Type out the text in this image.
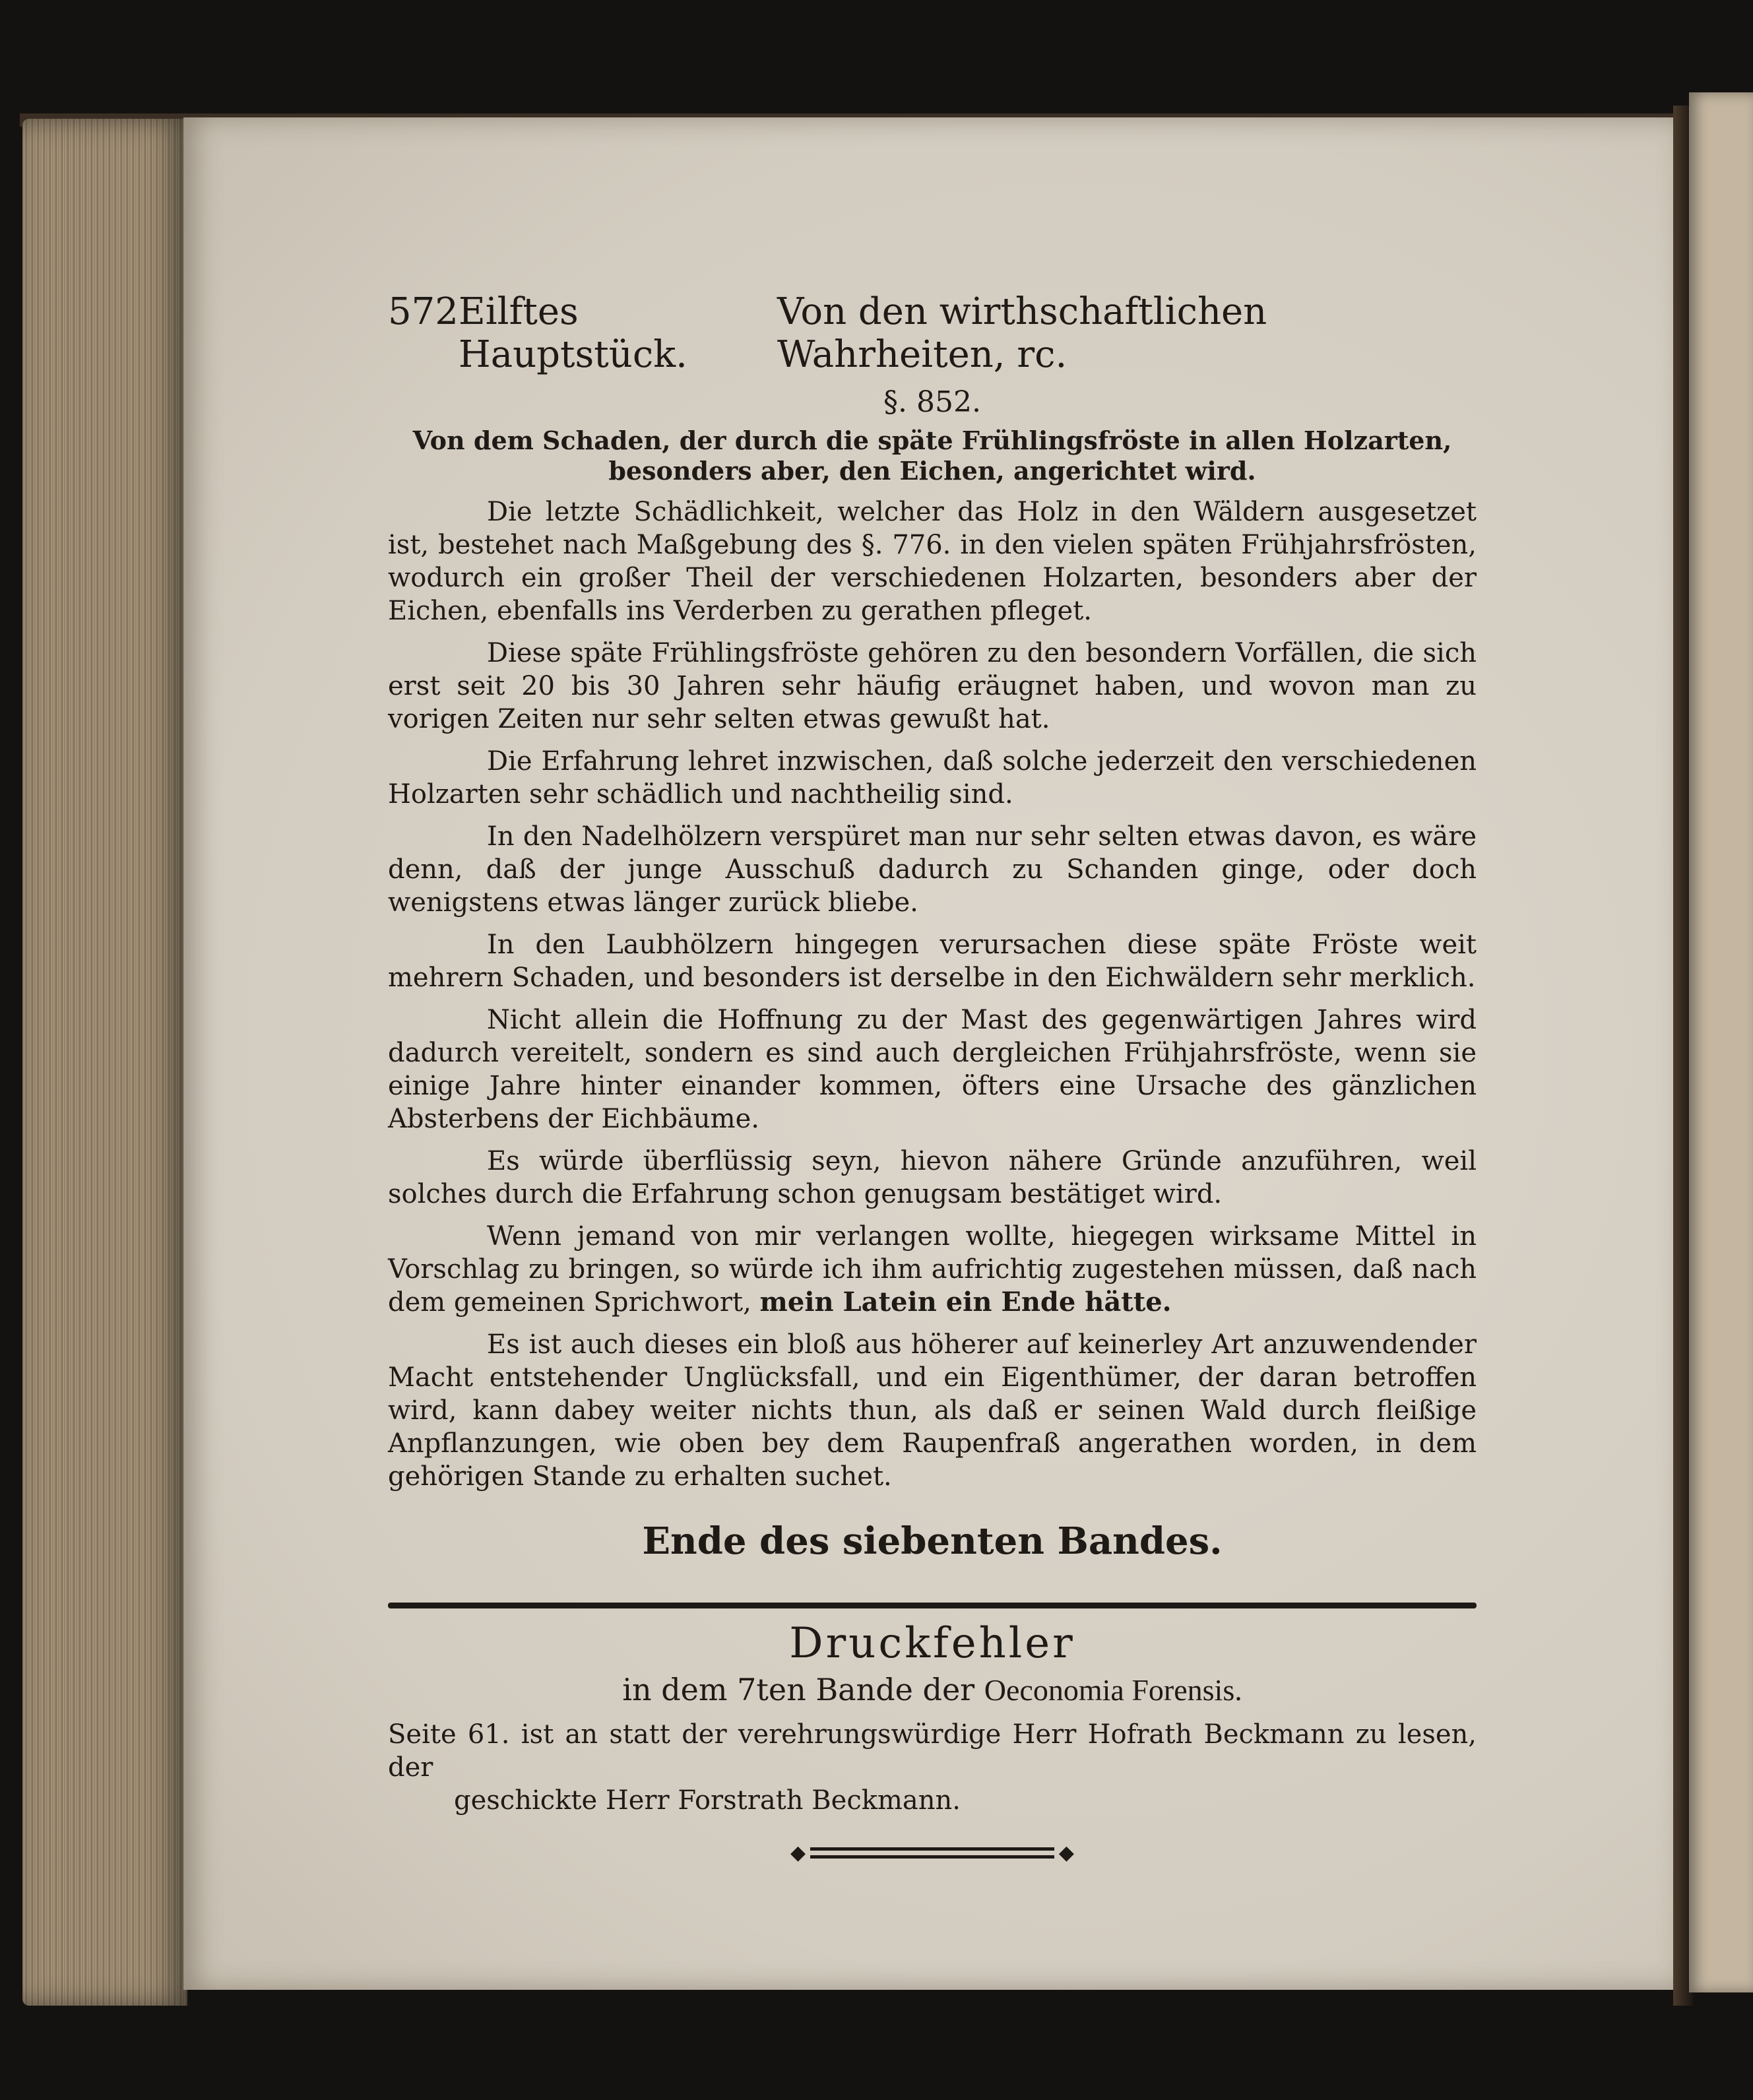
572 Eilftes Hauptstück.
Von den wirthschaftlichen Wahrheiten, rc.
§. 852.
Von dem Schaden, der durch die späte Frühlingsfröste in allen Holzarten, besonders aber, den Eichen, angerichtet wird.

Die letzte Schädlichkeit, welcher das Holz in den Wäldern ausgesetzet ist, bestehet nach Maßgebung des §. 776. in den vielen späten Frühjahrsfrösten, wodurch ein großer Theil der verschiedenen Holzarten, besonders aber der Eichen, ebenfalls ins Verderben zu gerathen pfleget.

Diese späte Frühlingsfröste gehören zu den besondern Vorfällen, die sich erst seit 20 bis 30 Jahren sehr häufig eräugnet haben, und wovon man zu vorigen Zeiten nur sehr selten etwas gewußt hat.

Die Erfahrung lehret inzwischen, daß solche jederzeit den verschiedenen Holzarten sehr schädlich und nachtheilig sind.

In den Nadelhölzern verspüret man nur sehr selten etwas davon, es wäre denn, daß der junge Ausschuß dadurch zu Schanden ginge, oder doch wenigstens etwas länger zurück bliebe.

In den Laubhölzern hingegen verursachen diese späte Fröste weit mehrern Schaden, und besonders ist derselbe in den Eichwäldern sehr merklich.

Nicht allein die Hoffnung zu der Mast des gegenwärtigen Jahres wird dadurch vereitelt, sondern es sind auch dergleichen Frühjahrsfröste, wenn sie einige Jahre hinter einander kommen, öfters eine Ursache des gänzlichen Absterbens der Eichbäume.

Es würde überflüssig seyn, hievon nähere Gründe anzuführen, weil solches durch die Erfahrung schon genugsam bestätiget wird.

Wenn jemand von mir verlangen wollte, hiegegen wirksame Mittel in Vorschlag zu bringen, so würde ich ihm aufrichtig zugestehen müssen, daß nach dem gemeinen Sprichwort, mein Latein ein Ende hätte.

Es ist auch dieses ein bloß aus höherer auf keinerley Art anzuwendender Macht entstehender Unglücksfall, und ein Eigenthümer, der daran betroffen wird, kann dabey weiter nichts thun, als daß er seinen Wald durch fleißige Anpflanzungen, wie oben bey dem Raupenfraß angerathen worden, in dem gehörigen Stande zu erhalten suchet.

Ende des siebenten Bandes.
Druckfehler
in dem 7ten Bande der Oeconomia Forensis.
Seite 61. ist an statt der verehrungswürdige Herr Hofrath Beckmann zu lesen, der
geschickte Herr Forstrath Beckmann.
◆	◆
